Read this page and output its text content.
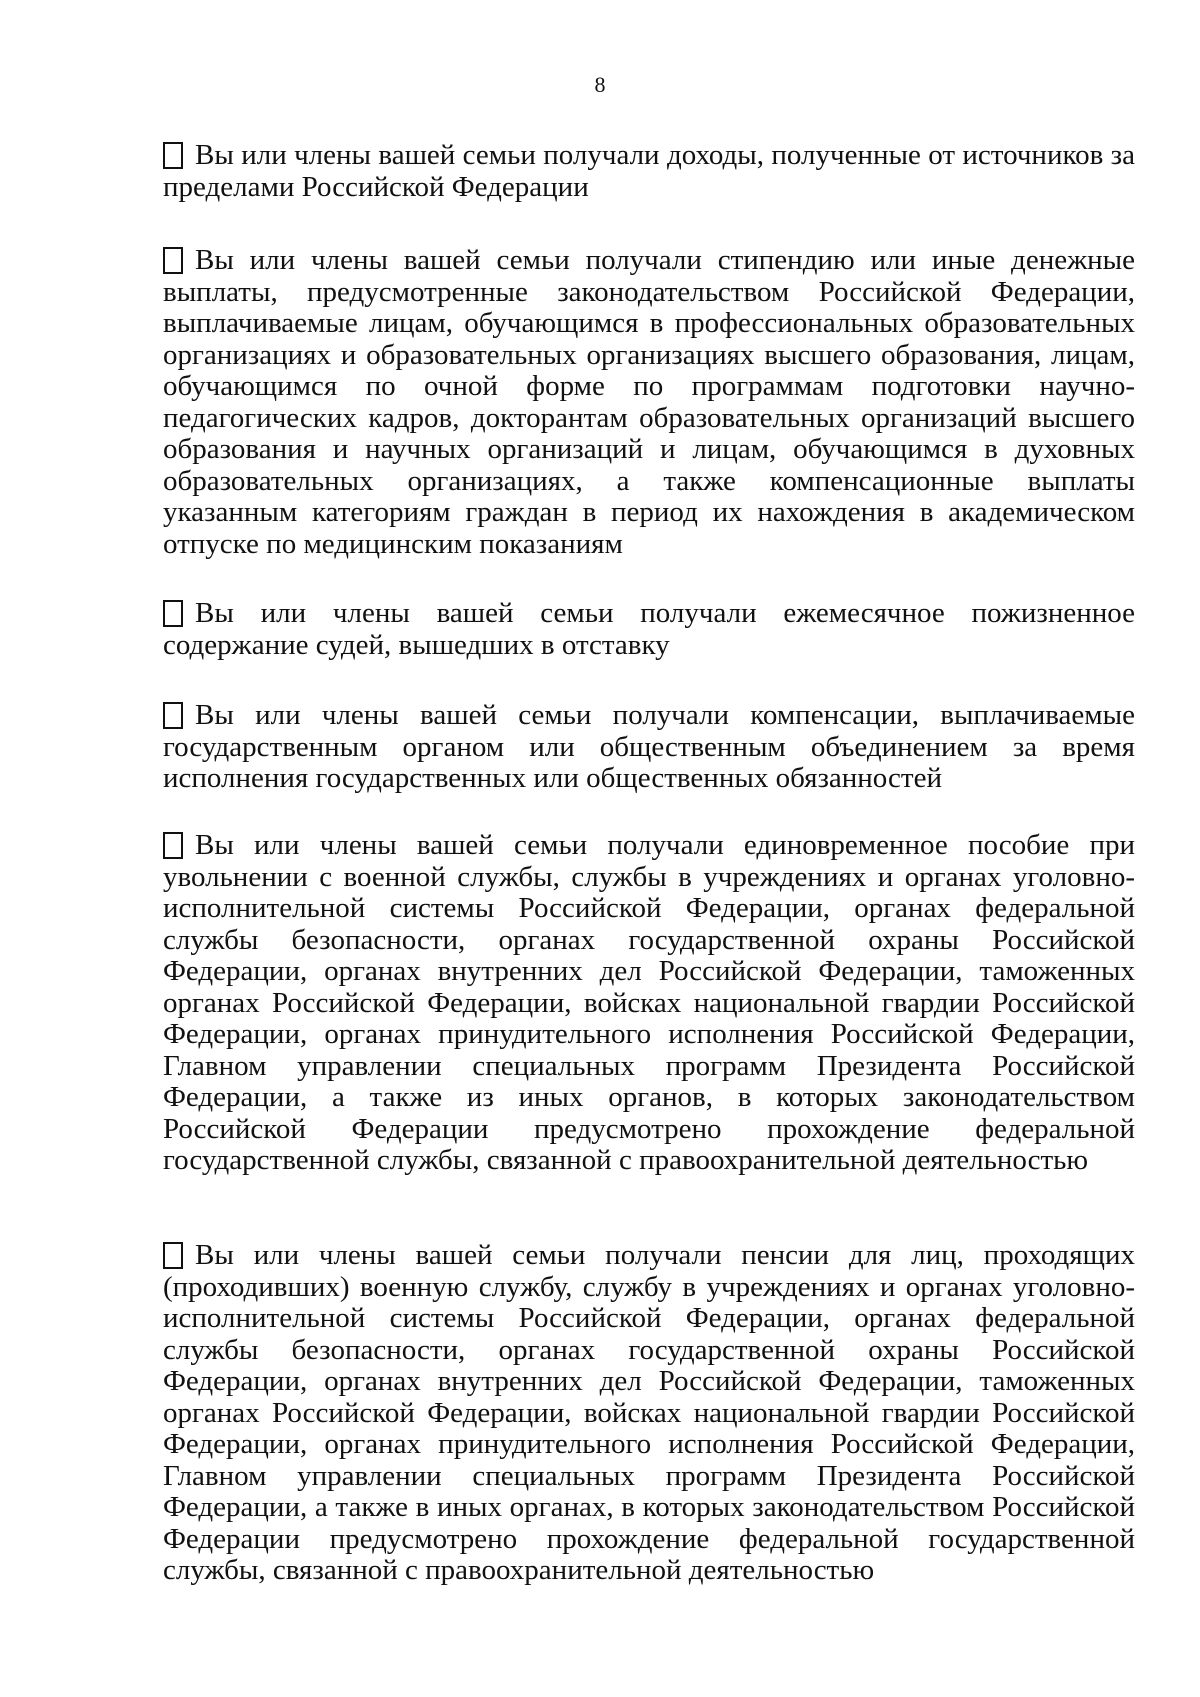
8
Вы или члены вашей семьи получали доходы, полученные от источников за пределами Российской Федерации
Вы или члены вашей семьи получали стипендию или иные денежные выплаты, предусмотренные законодательством Российской Федерации, выплачиваемые лицам, обучающимся в профессиональных образовательных организациях и образовательных организациях высшего образования, лицам, обучающимся по очной форме по программам подготовки научно-педагогических кадров, докторантам образовательных организаций высшего образования и научных организаций и лицам, обучающимся в духовных образовательных организациях, а также компенсационные выплаты указанным категориям граждан в период их нахождения в академическом отпуске по медицинским показаниям
Вы или члены вашей семьи получали ежемесячное пожизненное содержание судей, вышедших в отставку
Вы или члены вашей семьи получали компенсации, выплачиваемые государственным органом или общественным объединением за время исполнения государственных или общественных обязанностей
Вы или члены вашей семьи получали единовременное пособие при увольнении с военной службы, службы в учреждениях и органах уголовно-исполнительной системы Российской Федерации, органах федеральной службы безопасности, органах государственной охраны Российской Федерации, органах внутренних дел Российской Федерации, таможенных органах Российской Федерации, войсках национальной гвардии Российской Федерации, органах принудительного исполнения Российской Федерации, Главном управлении специальных программ Президента Российской Федерации, а также из иных органов, в которых законодательством Российской Федерации предусмотрено прохождение федеральной государственной службы, связанной с правоохранительной деятельностью
Вы или члены вашей семьи получали пенсии для лиц, проходящих (проходивших) военную службу, службу в учреждениях и органах уголовно-исполнительной системы Российской Федерации, органах федеральной службы безопасности, органах государственной охраны Российской Федерации, органах внутренних дел Российской Федерации, таможенных органах Российской Федерации, войсках национальной гвардии Российской Федерации, органах принудительного исполнения Российской Федерации, Главном управлении специальных программ Президента Российской Федерации, а также в иных органах, в которых законодательством Российской Федерации предусмотрено прохождение федеральной государственной службы, связанной с правоохранительной деятельностью
